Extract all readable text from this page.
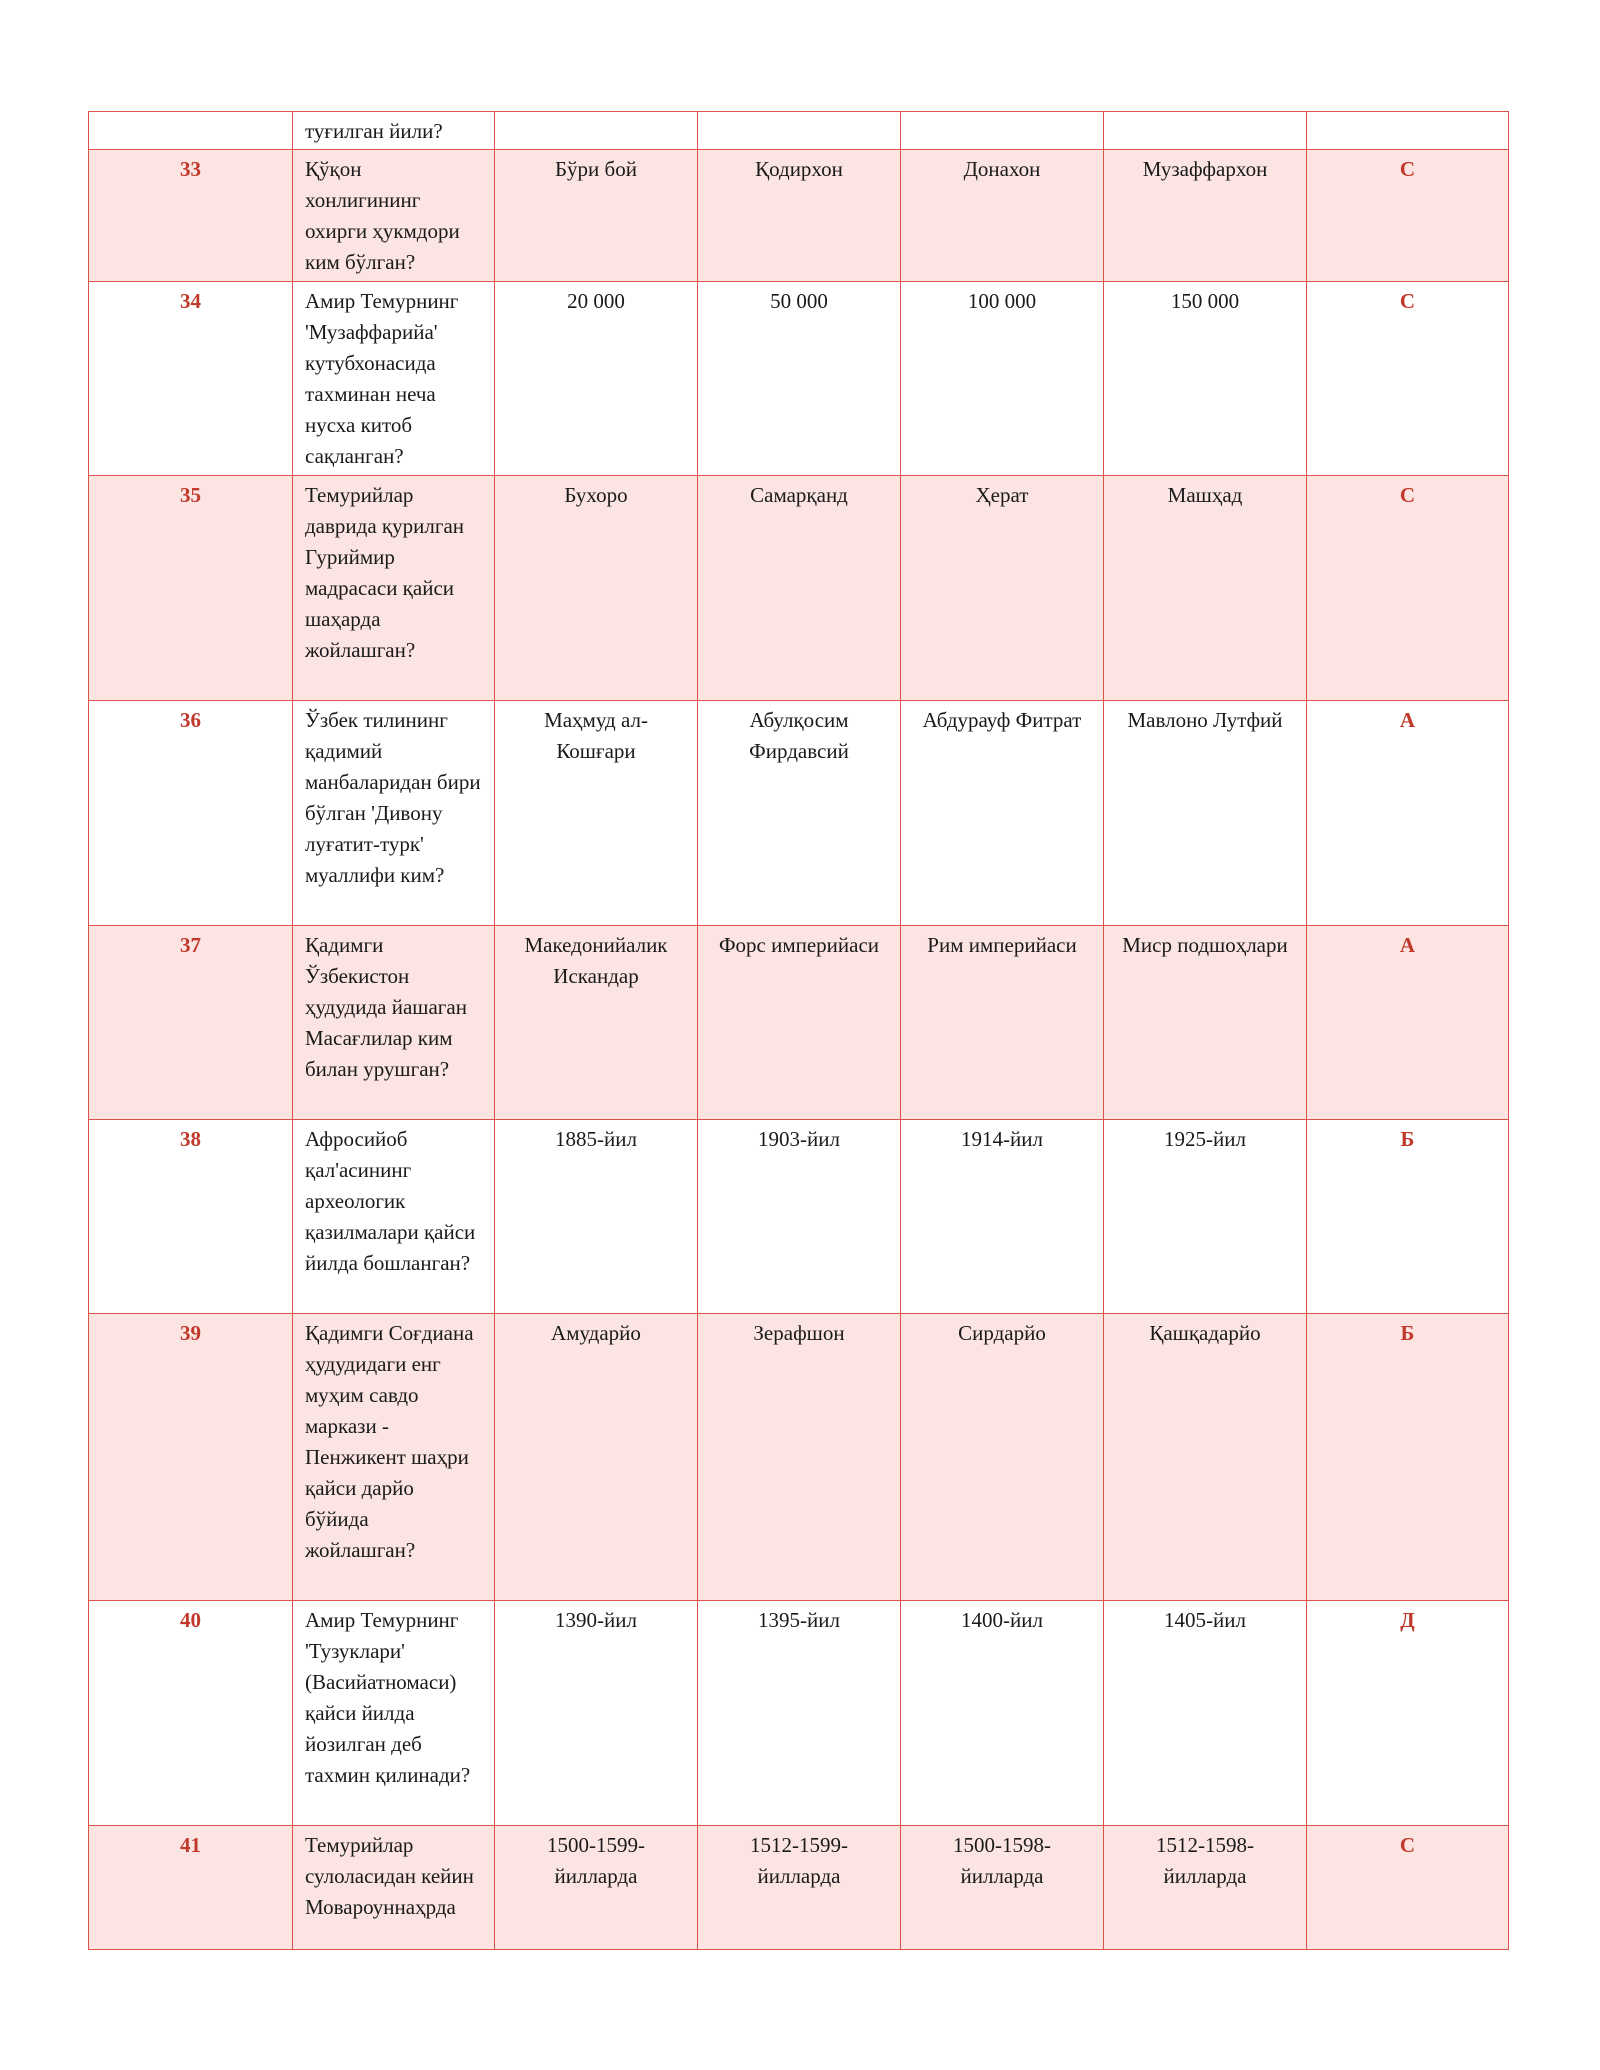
	туғилган йили?					
33	Қўқон хонлигининг охирги ҳукмдори ким бўлган?	Бўри бой	Қодирхон	Донахон	Музаффархон	С
34	Амир Темурнинг 'Музаффарийа' кутубхонасида тахминан неча нусха китоб сақланган?	20 000	50 000	100 000	150 000	С
35	Темурийлар даврида қурилган Гуриймир мадрасаси қайси шаҳарда жойлашган?	Бухоро	Самарқанд	Ҳерат	Машҳад	С
36	Ўзбек тилининг қадимий манбаларидан бири бўлган 'Дивону луғатит-турк' муаллифи ким?	Маҳмуд ал-Кошғари	Абулқосим Фирдавсий	Абдурауф Фитрат	Мавлоно Лутфий	А
37	Қадимги Ўзбекистон ҳудудида йашаган Масағлилар ким билан урушган?	Македонийалик Искандар	Форс империйаси	Рим империйаси	Миср подшоҳлари	А
38	Афросийоб қал'асининг археологик қазилмалари қайси йилда бошланган?	1885-йил	1903-йил	1914-йил	1925-йил	Б
39	Қадимги Соғдиана ҳудудидаги енг муҳим савдо маркази - Пенжикент шаҳри қайси дарйо бўйида жойлашган?	Амударйо	Зерафшон	Сирдарйо	Қашқадарйо	Б
40	Амир Темурнинг 'Тузуклари' (Васийатномаси) қайси йилда йозилган деб тахмин қилинади?	1390-йил	1395-йил	1400-йил	1405-йил	Д
41	Темурийлар сулоласидан кейин Мовароуннаҳрда	1500-1599-йилларда	1512-1599-йилларда	1500-1598-йилларда	1512-1598-йилларда	С
